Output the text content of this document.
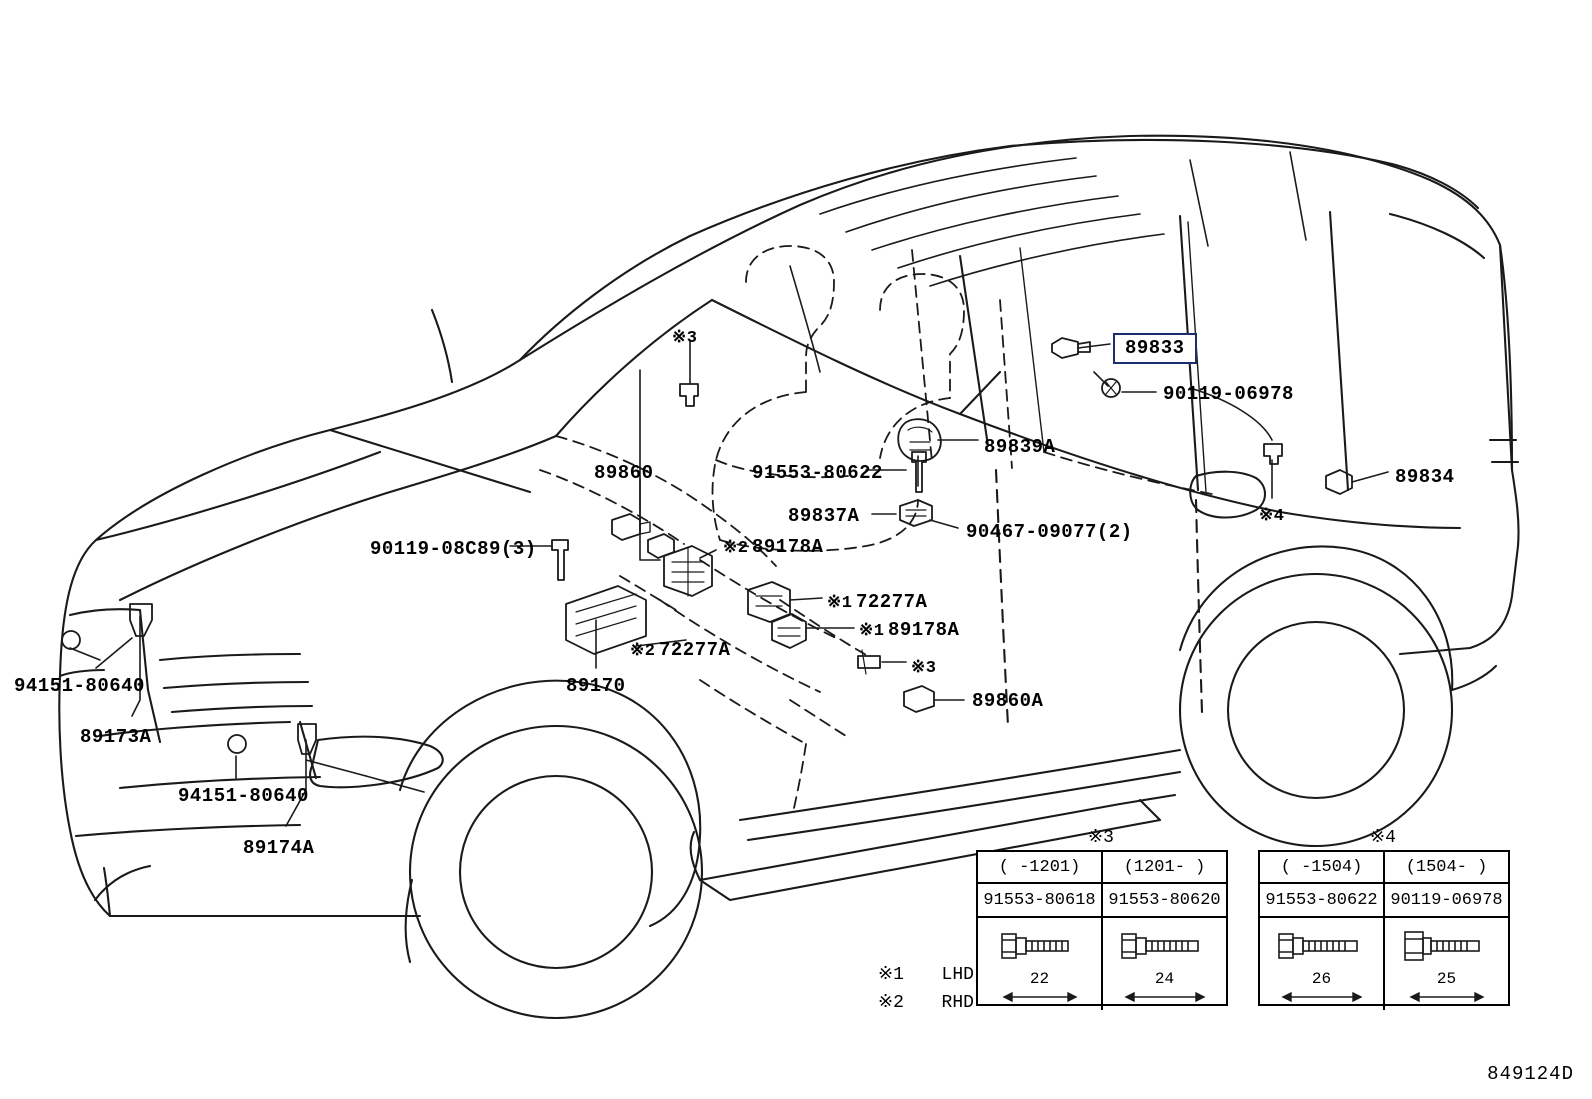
89833
90119-06978
89839A
89834
91553-80622
89860
89837A
90467-09077(2)
90119-08C89(3)	89178A
72277A
89178A
72277A
89170
89860A
94151-80640
89173A
94151-80640
89174A
※3
※4
※2
※1
※1
※2
※3
※1 LHD
※2 RHD
※3
( -1201)	(1201- )
91553-80618 91553-80620
22	24
※4
( -1504)	(1504- )
91553-80622 90119-06978
26	25
849124D
